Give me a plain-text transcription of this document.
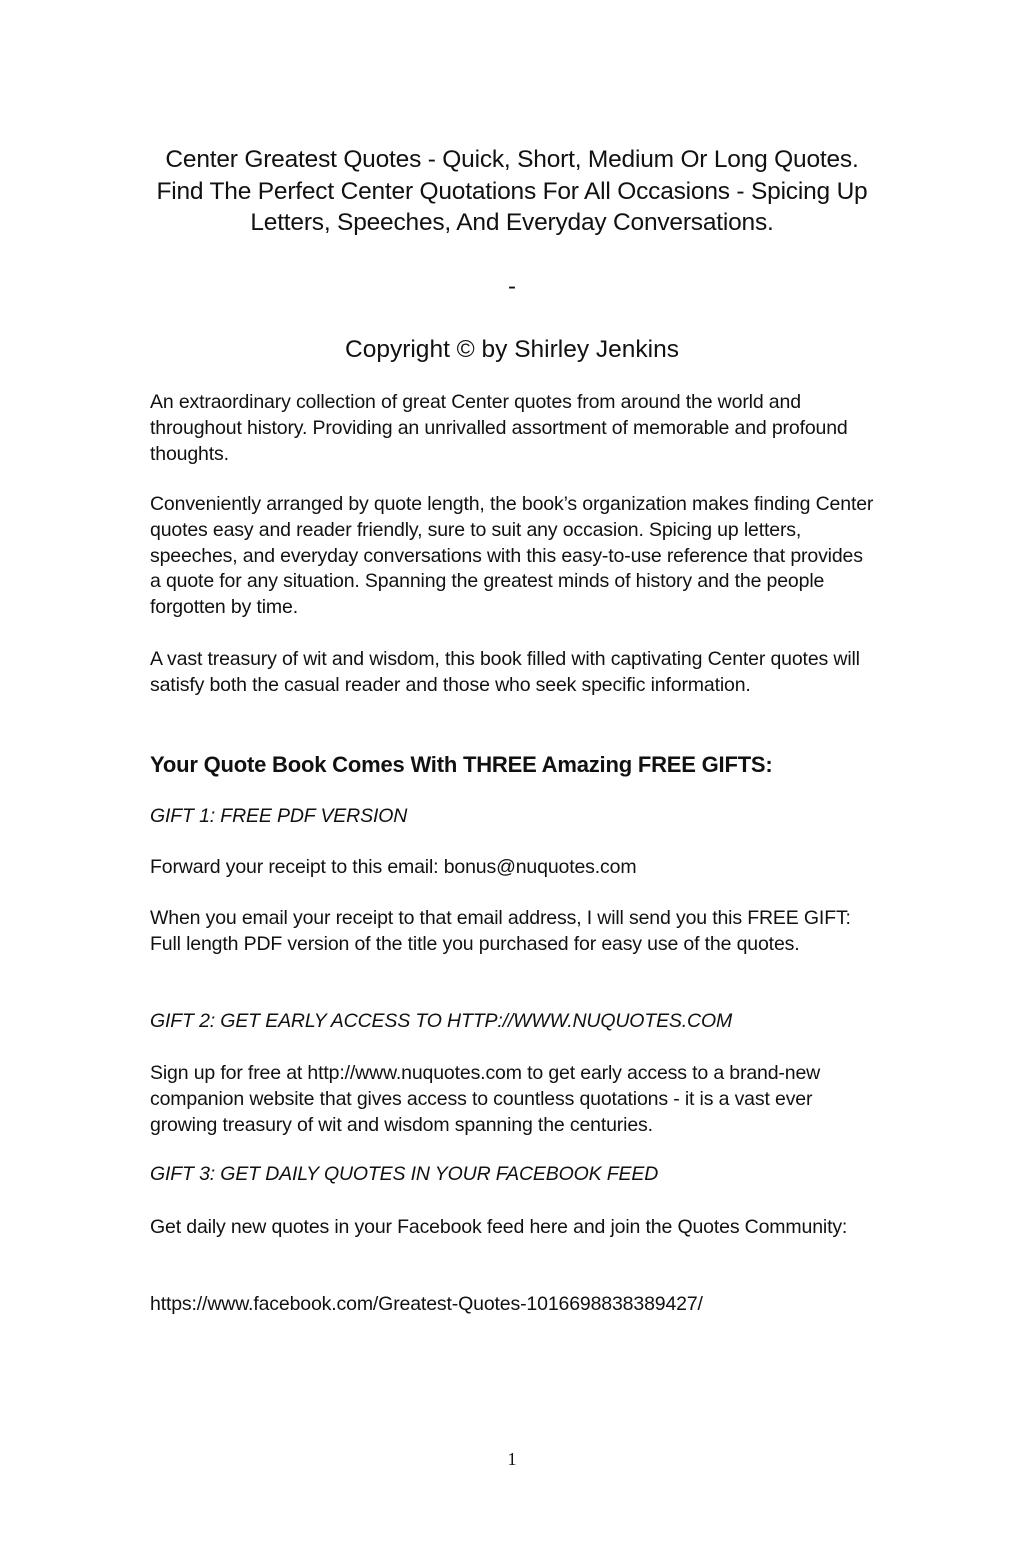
Center Greatest Quotes - Quick, Short, Medium Or Long Quotes. Find The Perfect Center Quotations For All Occasions - Spicing Up Letters, Speeches, And Everyday Conversations.
-
Copyright © by Shirley Jenkins
An extraordinary collection of great Center quotes from around the world and throughout history. Providing an unrivalled assortment of memorable and profound thoughts.
Conveniently arranged by quote length, the book’s organization makes finding Center quotes easy and reader friendly, sure to suit any occasion. Spicing up letters, speeches, and everyday conversations with this easy-to-use reference that provides a quote for any situation. Spanning the greatest minds of history and the people forgotten by time.
A vast treasury of wit and wisdom, this book filled with captivating Center quotes will satisfy both the casual reader and those who seek specific information.
Your Quote Book Comes With THREE Amazing FREE GIFTS:
GIFT 1: FREE PDF VERSION
Forward your receipt to this email: bonus@nuquotes.com
When you email your receipt to that email address, I will send you this FREE GIFT: Full length PDF version of the title you purchased for easy use of the quotes.
GIFT 2: GET EARLY ACCESS TO HTTP://WWW.NUQUOTES.COM
Sign up for free at http://www.nuquotes.com to get early access to a brand-new companion website that gives access to countless quotations - it is a vast ever growing treasury of wit and wisdom spanning the centuries.
GIFT 3: GET DAILY QUOTES IN YOUR FACEBOOK FEED
Get daily new quotes in your Facebook feed here and join the Quotes Community:
https://www.facebook.com/Greatest-Quotes-1016698838389427/
1
